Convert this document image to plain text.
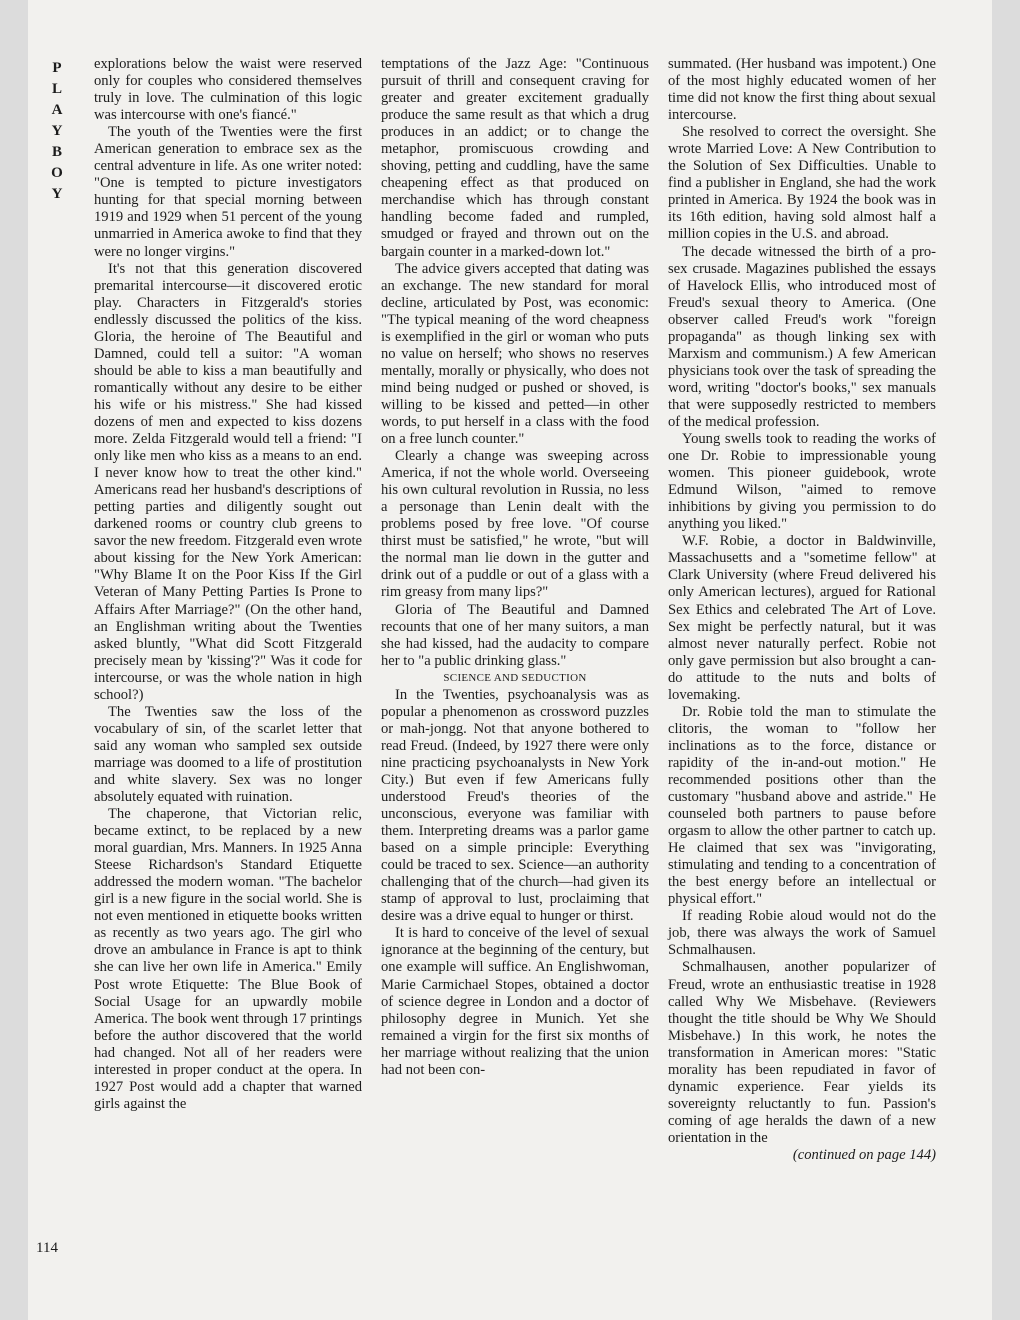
P
L
A
Y
B
O
Y
114

explorations below the waist were reserved only for couples who considered themselves truly in love. The culmination of this logic was intercourse with one's fiancé."

The youth of the Twenties were the first American generation to embrace sex as the central adventure in life. As one writer noted: "One is tempted to picture investigators hunting for that special morning between 1919 and 1929 when 51 percent of the young unmarried in America awoke to find that they were no longer virgins."

It's not that this generation discovered premarital intercourse—it discovered erotic play. Characters in Fitzgerald's stories endlessly discussed the politics of the kiss. Gloria, the heroine of The Beautiful and Damned, could tell a suitor: "A woman should be able to kiss a man beautifully and romantically without any desire to be either his wife or his mistress." She had kissed dozens of men and expected to kiss dozens more. Zelda Fitzgerald would tell a friend: "I only like men who kiss as a means to an end. I never know how to treat the other kind." Americans read her husband's descriptions of petting parties and diligently sought out darkened rooms or country club greens to savor the new freedom. Fitzgerald even wrote about kissing for the New York American: "Why Blame It on the Poor Kiss If the Girl Veteran of Many Petting Parties Is Prone to Affairs After Marriage?" (On the other hand, an Englishman writing about the Twenties asked bluntly, "What did Scott Fitzgerald precisely mean by 'kissing'?" Was it code for intercourse, or was the whole nation in high school?)

The Twenties saw the loss of the vocabulary of sin, of the scarlet letter that said any woman who sampled sex outside marriage was doomed to a life of prostitution and white slavery. Sex was no longer absolutely equated with ruination.

The chaperone, that Victorian relic, became extinct, to be replaced by a new moral guardian, Mrs. Manners. In 1925 Anna Steese Richardson's Standard Etiquette addressed the modern woman. "The bachelor girl is a new figure in the social world. She is not even mentioned in etiquette books written as recently as two years ago. The girl who drove an ambulance in France is apt to think she can live her own life in America." Emily Post wrote Etiquette: The Blue Book of Social Usage for an upwardly mobile America. The book went through 17 printings before the author discovered that the world had changed. Not all of her readers were interested in proper conduct at the opera. In 1927 Post would add a chapter that warned girls against the

temptations of the Jazz Age: "Continuous pursuit of thrill and consequent craving for greater and greater excitement gradually produce the same result as that which a drug produces in an addict; or to change the metaphor, promiscuous crowding and shoving, petting and cuddling, have the same cheapening effect as that produced on merchandise which has through constant handling become faded and rumpled, smudged or frayed and thrown out on the bargain counter in a marked-down lot."

The advice givers accepted that dating was an exchange. The new standard for moral decline, articulated by Post, was economic: "The typical meaning of the word cheapness is exemplified in the girl or woman who puts no value on herself; who shows no reserves mentally, morally or physically, who does not mind being nudged or pushed or shoved, is willing to be kissed and petted—in other words, to put herself in a class with the food on a free lunch counter."

Clearly a change was sweeping across America, if not the whole world. Overseeing his own cultural revolution in Russia, no less a personage than Lenin dealt with the problems posed by free love. "Of course thirst must be satisfied," he wrote, "but will the normal man lie down in the gutter and drink out of a puddle or out of a glass with a rim greasy from many lips?"

Gloria of The Beautiful and Damned recounts that one of her many suitors, a man she had kissed, had the audacity to compare her to "a public drinking glass."

SCIENCE AND SEDUCTION

In the Twenties, psychoanalysis was as popular a phenomenon as crossword puzzles or mah-jongg. Not that anyone bothered to read Freud. (Indeed, by 1927 there were only nine practicing psychoanalysts in New York City.) But even if few Americans fully understood Freud's theories of the unconscious, everyone was familiar with them. Interpreting dreams was a parlor game based on a simple principle: Everything could be traced to sex. Science—an authority challenging that of the church—had given its stamp of approval to lust, proclaiming that desire was a drive equal to hunger or thirst.

It is hard to conceive of the level of sexual ignorance at the beginning of the century, but one example will suffice. An Englishwoman, Marie Carmichael Stopes, obtained a doctor of science degree in London and a doctor of philosophy degree in Munich. Yet she remained a virgin for the first six months of her marriage without realizing that the union had not been con-

summated. (Her husband was impotent.) One of the most highly educated women of her time did not know the first thing about sexual intercourse.

She resolved to correct the oversight. She wrote Married Love: A New Contribution to the Solution of Sex Difficulties. Unable to find a publisher in England, she had the work printed in America. By 1924 the book was in its 16th edition, having sold almost half a million copies in the U.S. and abroad.

The decade witnessed the birth of a pro-sex crusade. Magazines published the essays of Havelock Ellis, who introduced most of Freud's sexual theory to America. (One observer called Freud's work "foreign propaganda" as though linking sex with Marxism and communism.) A few American physicians took over the task of spreading the word, writing "doctor's books," sex manuals that were supposedly restricted to members of the medical profession.

Young swells took to reading the works of one Dr. Robie to impressionable young women. This pioneer guidebook, wrote Edmund Wilson, "aimed to remove inhibitions by giving you permission to do anything you liked."

W.F. Robie, a doctor in Baldwinville, Massachusetts and a "sometime fellow" at Clark University (where Freud delivered his only American lectures), argued for Rational Sex Ethics and celebrated The Art of Love. Sex might be perfectly natural, but it was almost never naturally perfect. Robie not only gave permission but also brought a can-do attitude to the nuts and bolts of lovemaking.

Dr. Robie told the man to stimulate the clitoris, the woman to "follow her inclinations as to the force, distance or rapidity of the in-and-out motion." He recommended positions other than the customary "husband above and astride." He counseled both partners to pause before orgasm to allow the other partner to catch up. He claimed that sex was "invigorating, stimulating and tending to a concentration of the best energy before an intellectual or physical effort."

If reading Robie aloud would not do the job, there was always the work of Samuel Schmalhausen.

Schmalhausen, another popularizer of Freud, wrote an enthusiastic treatise in 1928 called Why We Misbehave. (Reviewers thought the title should be Why We Should Misbehave.) In this work, he notes the transformation in American mores: "Static morality has been repudiated in favor of dynamic experience. Fear yields its sovereignty reluctantly to fun. Passion's coming of age heralds the dawn of a new orientation in the

(continued on page 144)
